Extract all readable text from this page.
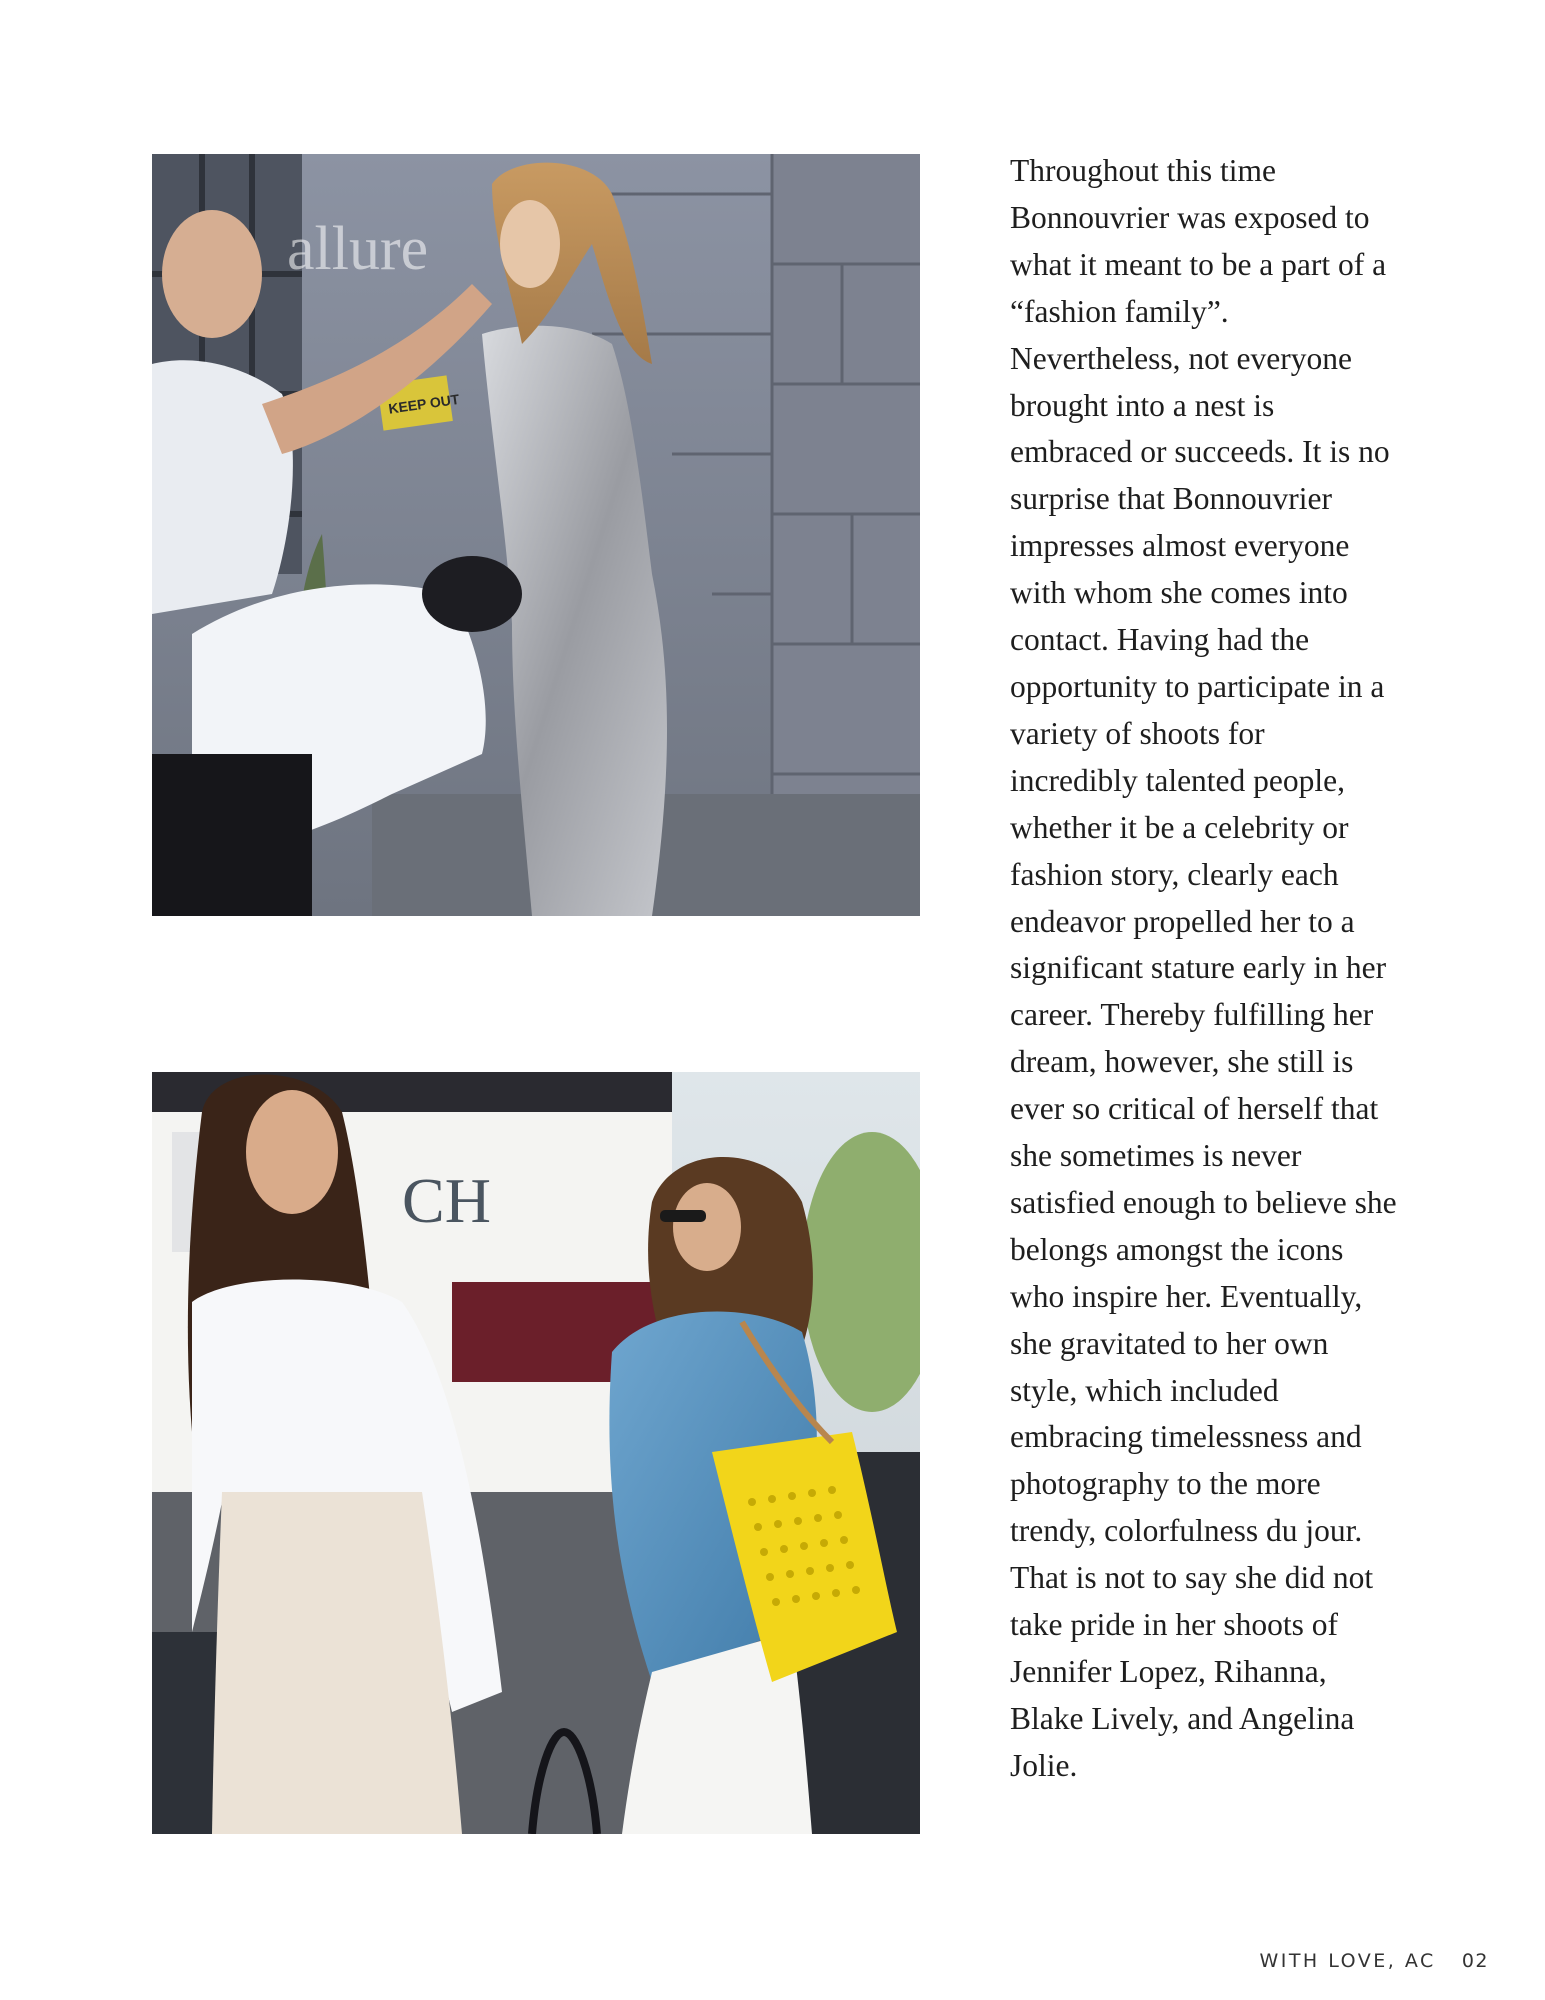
KEEP OUT
allure
CH

Throughout this time
Bonnouvrier was exposed to
what it meant to be a part of a
“fashion family”.
Nevertheless, not everyone
brought into a nest is
embraced or succeeds. It is no
surprise that Bonnouvrier
impresses almost everyone
with whom she comes into
contact. Having had the
opportunity to participate in a
variety of shoots for
incredibly talented people,
whether it be a celebrity or
fashion story, clearly each
endeavor propelled her to a
significant stature early in her
career. Thereby fulfilling her
dream, however, she still is
ever so critical of herself that
she sometimes is never
satisfied enough to believe she
belongs amongst the icons
who inspire her. Eventually,
she gravitated to her own
style, which included
embracing timelessness and
photography to the more
trendy, colorfulness du jour.
That is not to say she did not
take pride in her shoots of
Jennifer Lopez, Rihanna,
Blake Lively, and Angelina
Jolie.

WITH LOVE, AC 02
